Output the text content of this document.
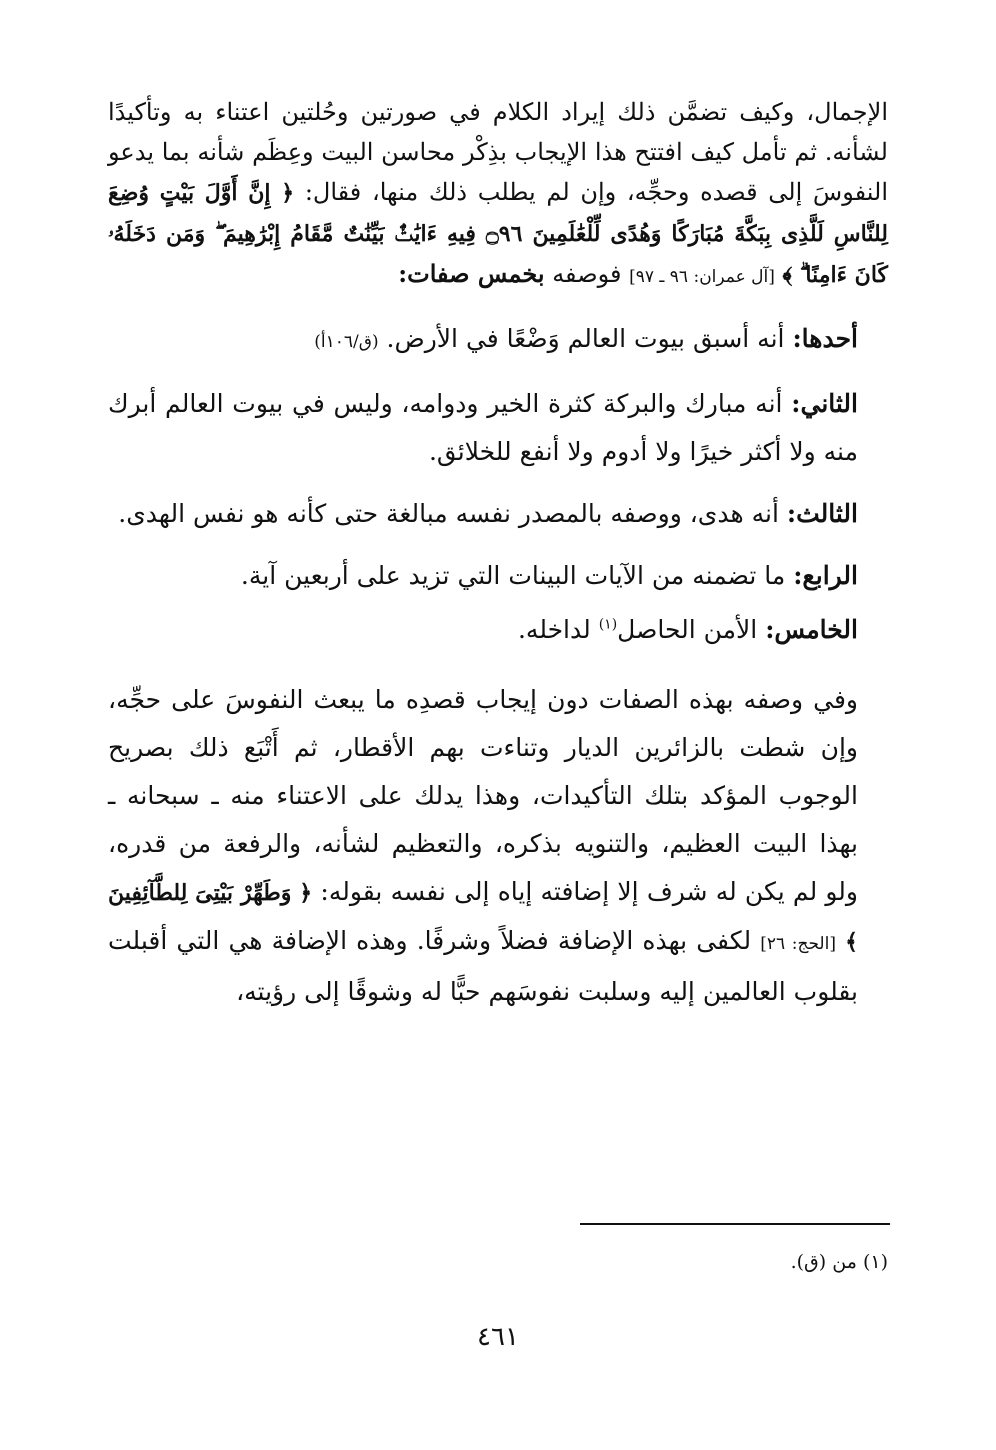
الإجمال، وكيف تضمَّن ذلك إيراد الكلام في صورتين وحُلتين اعتناء به وتأكيدًا لشأنه. ثم تأمل كيف افتتح هذا الإيجاب بذِكْر محاسن البيت وعِظَم شأنه بما يدعو النفوسَ إلى قصده وحجِّه، وإن لم يطلب ذلك منها، فقال: ﴿ إِنَّ أَوَّلَ بَيْتٍ وُضِعَ لِلنَّاسِ لَلَّذِى بِبَكَّةَ مُبَارَكًا وَهُدًى لِّلْعَٰلَمِينَ ۝٩٦ فِيهِ ءَايَٰتٌۢ بَيِّنَٰتٌ مَّقَامُ إِبْرَٰهِيمَ ۖ وَمَن دَخَلَهُۥ كَانَ ءَامِنًا ۗ ﴾ [آل عمران: ٩٦ ـ ٩٧] فوصفه بخمس صفات:

أحدها: أنه أسبق بيوت العالم وَضْعًا في الأرض. (ق/١٠٦أ)

الثاني: أنه مبارك والبركة كثرة الخير ودوامه، وليس في بيوت العالم أبرك منه ولا أكثر خيرًا ولا أدوم ولا أنفع للخلائق.

الثالث: أنه هدى، ووصفه بالمصدر نفسه مبالغة حتى كأنه هو نفس الهدى.

الرابع: ما تضمنه من الآيات البينات التي تزيد على أربعين آية.

الخامس: الأمن الحاصل$^{(١)}$ لداخله.

وفي وصفه بهذه الصفات دون إيجاب قصدِه ما يبعث النفوسَ على حجِّه، وإن شطت بالزائرين الديار وتناءت بهم الأقطار، ثم أَتْبَع ذلك بصريح الوجوب المؤكد بتلك التأكيدات، وهذا يدلك على الاعتناء منه ـ سبحانه ـ بهذا البيت العظيم، والتنويه بذكره، والتعظيم لشأنه، والرفعة من قدره، ولو لم يكن له شرف إلا إضافته إياه إلى نفسه بقوله: ﴿ وَطَهِّرْ بَيْتِىَ لِلطَّآئِفِينَ ﴾ [الحج: ٢٦] لكفى بهذه الإضافة فضلاً وشرفًا. وهذه الإضافة هي التي أقبلت بقلوب العالمين إليه وسلبت نفوسَهم حبًّا له وشوقًا إلى رؤيته،

(١) من (ق).
٤٦١
